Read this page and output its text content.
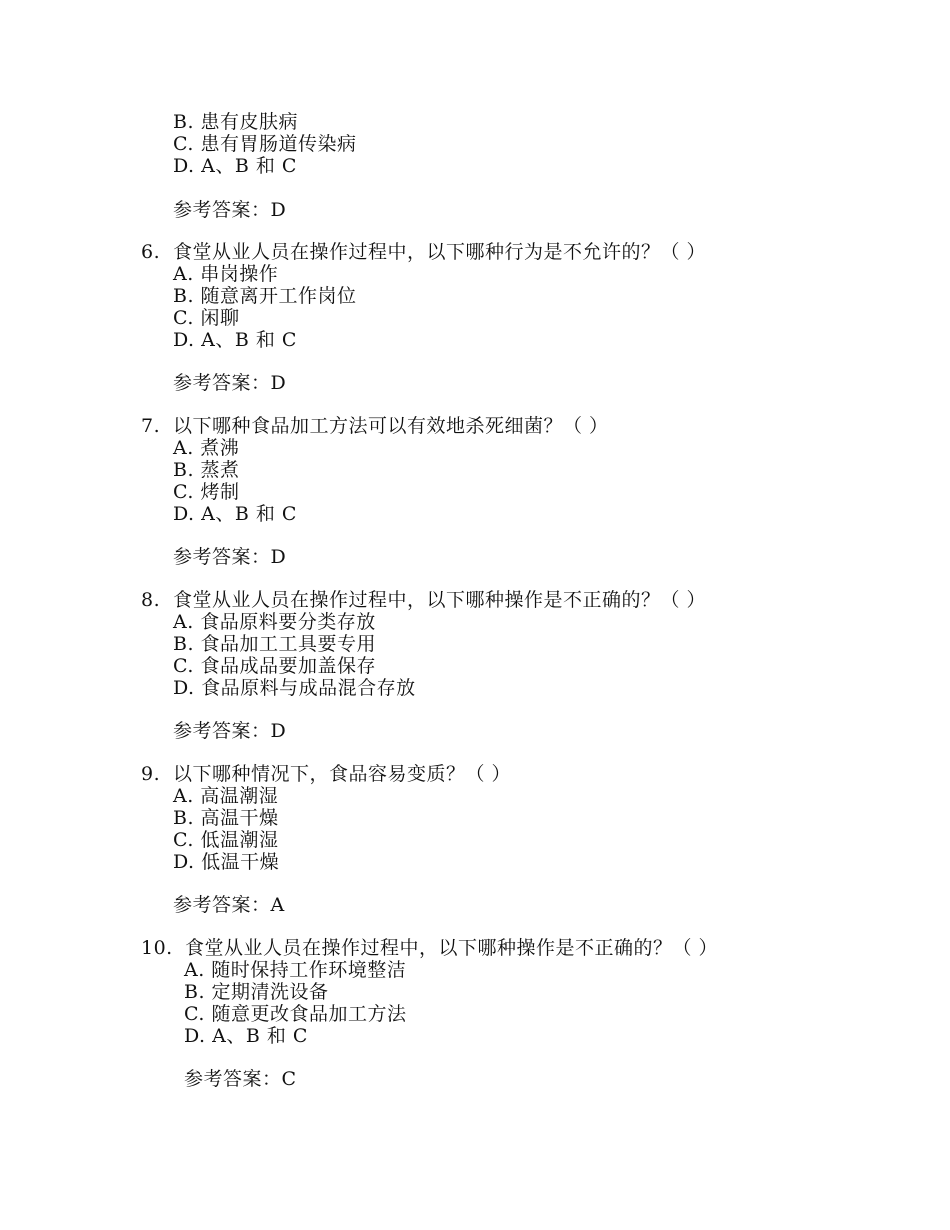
B. 患有皮肤病
C. 患有胃肠道传染病
D. A、B 和 C
参考答案：D
6. 食堂从业人员在操作过程中，以下哪种行为是不允许的？（ ）
A. 串岗操作
B. 随意离开工作岗位
C. 闲聊
D. A、B 和 C
参考答案：D
7. 以下哪种食品加工方法可以有效地杀死细菌？（ ）
A. 煮沸
B. 蒸煮
C. 烤制
D. A、B 和 C
参考答案：D
8. 食堂从业人员在操作过程中，以下哪种操作是不正确的？（ ）
A. 食品原料要分类存放
B. 食品加工工具要专用
C. 食品成品要加盖保存
D. 食品原料与成品混合存放
参考答案：D
9. 以下哪种情况下，食品容易变质？（ ）
A. 高温潮湿
B. 高温干燥
C. 低温潮湿
D. 低温干燥
参考答案：A
10. 食堂从业人员在操作过程中，以下哪种操作是不正确的？（ ）
A. 随时保持工作环境整洁
B. 定期清洗设备
C. 随意更改食品加工方法
D. A、B 和 C
参考答案：C
